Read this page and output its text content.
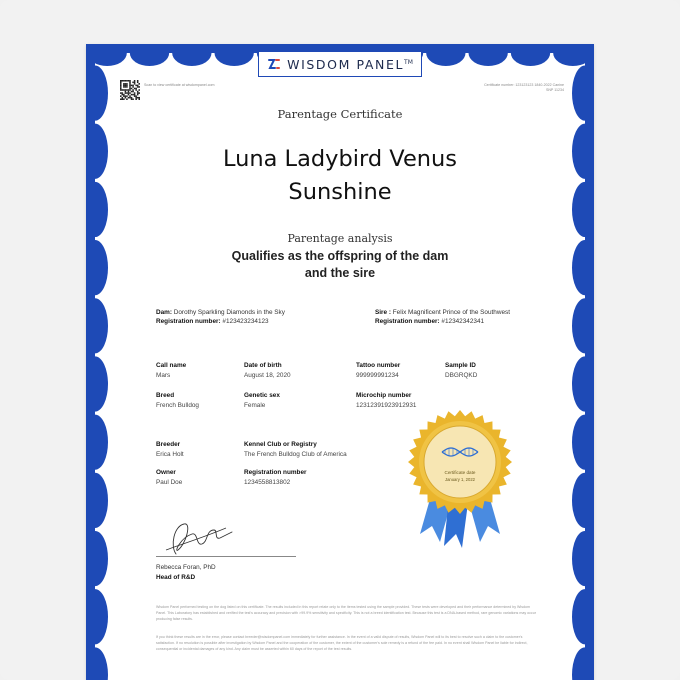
WISDOM PANEL™
Scan to view certificate at wisdompanel.com	Certificate number: 123123123 1840-2022 Canine SNP 11234
Parentage Certificate
Luna Ladybird Venus
Sunshine
Parentage analysis
Qualifies as the offspring of the dam
and the sire
Dam: Dorothy Sparkling Diamonds in the Sky
Registration number: #123423234123
Sire : Felix Magnificent Prince of the Southwest
Registration number: #12342342341
Call name
Mars
Date of birth
August 18, 2020
Tattoo number
999999991234
Sample ID
DBGRQKD
Breed
French Bulldog
Genetic sex
Female
Microchip number
12312391923912931
Breeder
Erica Holt
Kennel Club or Registry
The French Bulldog Club of America
Owner
Paul Doe
Registration number
1234558813802
Rebecca Foran, PhD
Head of R&D
Certificate date
January 1, 2022
Wisdom Panel performed testing on the dog listed on this certificate. The results included in this report relate only to the items tested using the sample provided. These tests were developed and their performance determined by Wisdom Panel. This Laboratory has established and verified the test's accuracy and precision with >99.9% sensitivity and specificity. This is not a breed identification test. Because this test is a DNA-based method, rare genomic variations may occur producing false results.
If you think these results are in the error, please contact breeder@wisdompanel.com immediately for further assistance. In the event of a valid dispute of results, Wisdom Panel will to its best to resolve such a claim to the customer's satisfaction. If no resolution is possible after investigation by Wisdom Panel and the cooperation of the customer, the extent of the customer's sole remedy is a refund of the fee paid. In no event shall Wisdom Panel be liable for indirect, consequential or incidental damages of any kind. Any claim must be asserted within 60 days of the report of the test results.
